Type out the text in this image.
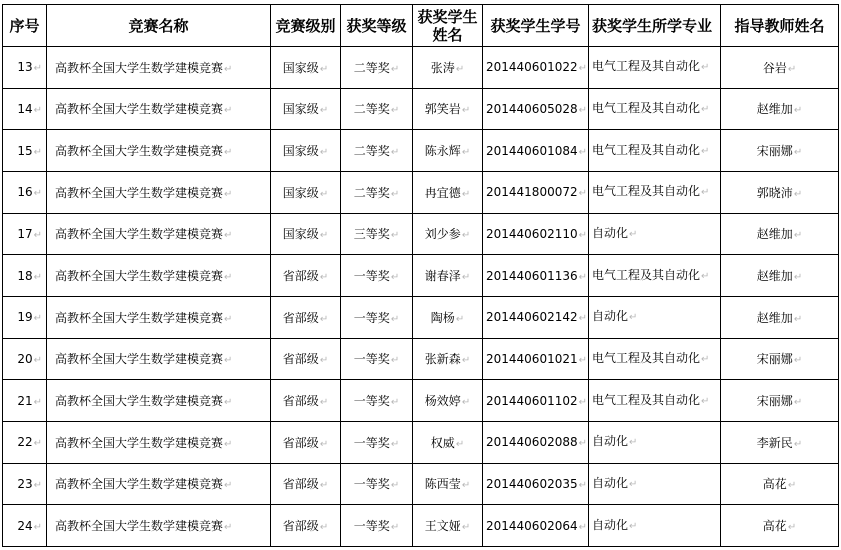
序号	竞赛名称	竞赛级别	获奖等级	获奖学生姓名	获奖学生学号	获奖学生所学专业	指导教师姓名
13↵	高教杯全国大学生数学建模竞赛↵	国家级↵	二等奖↵	张涛↵	201440601022↵	电气工程及其自动化↵	谷岩↵
14↵	高教杯全国大学生数学建模竞赛↵	国家级↵	二等奖↵	郭笑岩↵	201440605028↵	电气工程及其自动化↵	赵维加↵
15↵	高教杯全国大学生数学建模竞赛↵	国家级↵	二等奖↵	陈永辉↵	201440601084↵	电气工程及其自动化↵	宋丽娜↵
16↵	高教杯全国大学生数学建模竞赛↵	国家级↵	二等奖↵	冉宜德↵	201441800072↵	电气工程及其自动化↵	郭晓沛↵
17↵	高教杯全国大学生数学建模竞赛↵	国家级↵	三等奖↵	刘少参↵	201440602110↵	自动化↵	赵维加↵
18↵	高教杯全国大学生数学建模竞赛↵	省部级↵	一等奖↵	谢春泽↵	201440601136↵	电气工程及其自动化↵	赵维加↵
19↵	高教杯全国大学生数学建模竞赛↵	省部级↵	一等奖↵	陶杨↵	201440602142↵	自动化↵	赵维加↵
20↵	高教杯全国大学生数学建模竞赛↵	省部级↵	一等奖↵	张新森↵	201440601021↵	电气工程及其自动化↵	宋丽娜↵
21↵	高教杯全国大学生数学建模竞赛↵	省部级↵	一等奖↵	杨效婷↵	201440601102↵	电气工程及其自动化↵	宋丽娜↵
22↵	高教杯全国大学生数学建模竞赛↵	省部级↵	一等奖↵	权威↵	201440602088↵	自动化↵	李新民↵
23↵	高教杯全国大学生数学建模竞赛↵	省部级↵	一等奖↵	陈西莹↵	201440602035↵	自动化↵	高花↵
24↵	高教杯全国大学生数学建模竞赛↵	省部级↵	一等奖↵	王文娅↵	201440602064↵	自动化↵	高花↵
